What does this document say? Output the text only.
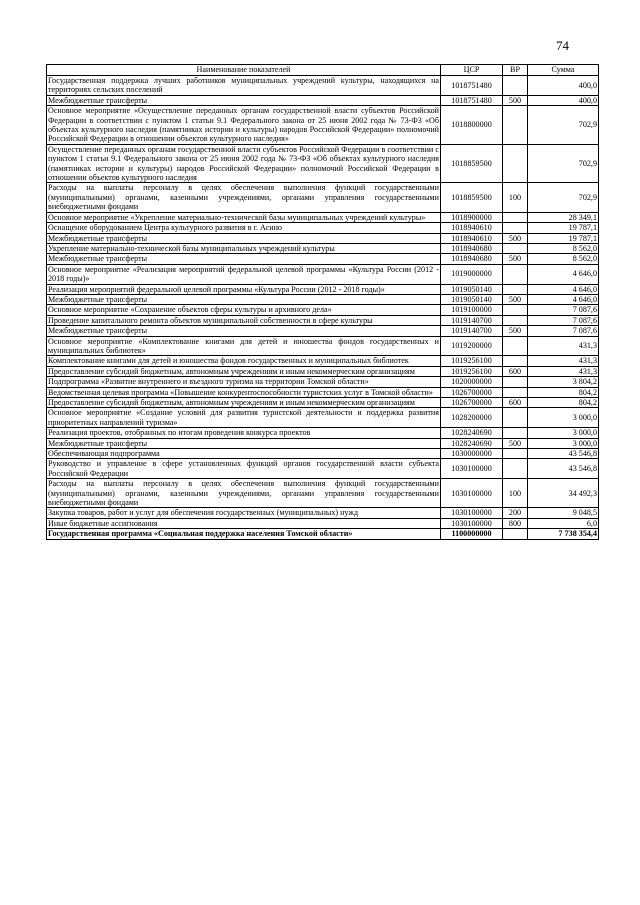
74
Наименование показателей	ЦСР	ВР	Сумма
Государственная поддержка лучших работников муниципальных учреждений культуры, находящихся на территориях сельских поселений	1018751480		400,0
Межбюджетные трансферты	1018751480	500	400,0
Основное мероприятие «Осуществление переданных органам государственной власти субъектов Российской Федерации в соответствии с пунктом 1 статьи 9.1 Федерального закона от 25 июня 2002 года № 73-ФЗ «Об объектах культурного наследия (памятниках истории и культуры) народов Российской Федерации» полномочий Российской Федерации в отношении объектов культурного наследия»	1018800000		702,9
Осуществление переданных органам государственной власти субъектов Российской Федерации в соответствии с пунктом 1 статьи 9.1 Федерального закона от 25 июня 2002 года № 73-ФЗ «Об объектах культурного наследия (памятниках истории и культуры) народов Российской Федерации» полномочий Российской Федерации в отношении объектов культурного наследия	1018859500		702,9
Расходы на выплаты персоналу в целях обеспечения выполнения функций государственными (муниципальными) органами, казенными учреждениями, органами управления государственными внебюджетными фондами	1018859500	100	702,9
Основное мероприятие «Укрепление материально-технической базы муниципальных учреждений культуры»	1018900000		28 349,1
Оснащение оборудованием Центра культурного развития в г. Асино	1018940610		19 787,1
Межбюджетные трансферты	1018940610	500	19 787,1
Укрепление материально-технической базы муниципальных учреждений культуры	1018940680		8 562,0
Межбюджетные трансферты	1018940680	500	8 562,0
Основное мероприятие «Реализация мероприятий федеральной целевой программы «Культура России (2012 - 2018 годы)»	1019000000		4 646,0
Реализация мероприятий федеральной целевой программы «Культура России (2012 - 2018 годы)»	1019050140		4 646,0
Межбюджетные трансферты	1019050140	500	4 646,0
Основное мероприятие «Сохранение объектов сферы культуры и архивного дела»	1019100000		7 087,6
Проведение капитального ремонта объектов муниципальной собственности в сфере культуры	1019140700		7 087,6
Межбюджетные трансферты	1019140700	500	7 087,6
Основное мероприятие «Комплектование книгами для детей и юношества фондов государственных и муниципальных библиотек»	1019200000		431,3
Комплектование книгами для детей и юношества фондов государственных и муниципальных библиотек	1019256100		431,3
Предоставление субсидий бюджетным, автономным учреждениям и иным некоммерческим организациям	1019256100	600	431,3
Подпрограмма «Развитие внутреннего и въездного туризма на территории Томской области»	1020000000		3 804,2
Ведомственная целевая программа «Повышение конкурентоспособности туристских услуг в Томской области»	1026700000		804,2
Предоставление субсидий бюджетным, автономным учреждениям и иным некоммерческим организациям	1026700000	600	804,2
Основное мероприятие «Создание условий для развития туристской деятельности и поддержка развития приоритетных направлений туризма»	1028200000		3 000,0
Реализация проектов, отобранных по итогам проведения конкурса проектов	1028240690		3 000,0
Межбюджетные трансферты	1028240690	500	3 000,0
Обеспечивающая подпрограмма	1030000000		43 546,8
Руководство и управление в сфере установленных функций органов государственной власти субъекта Российской Федерации	1030100000		43 546,8
Расходы на выплаты персоналу в целях обеспечения выполнения функций государственными (муниципальными) органами, казенными учреждениями, органами управления государственными внебюджетными фондами	1030100000	100	34 492,3
Закупка товаров, работ и услуг для обеспечения государственных (муниципальных) нужд	1030100000	200	9 048,5
Иные бюджетные ассигнования	1030100000	800	6,0
Государственная программа «Социальная поддержка населения Томской области»	1100000000		7 738 354,4
